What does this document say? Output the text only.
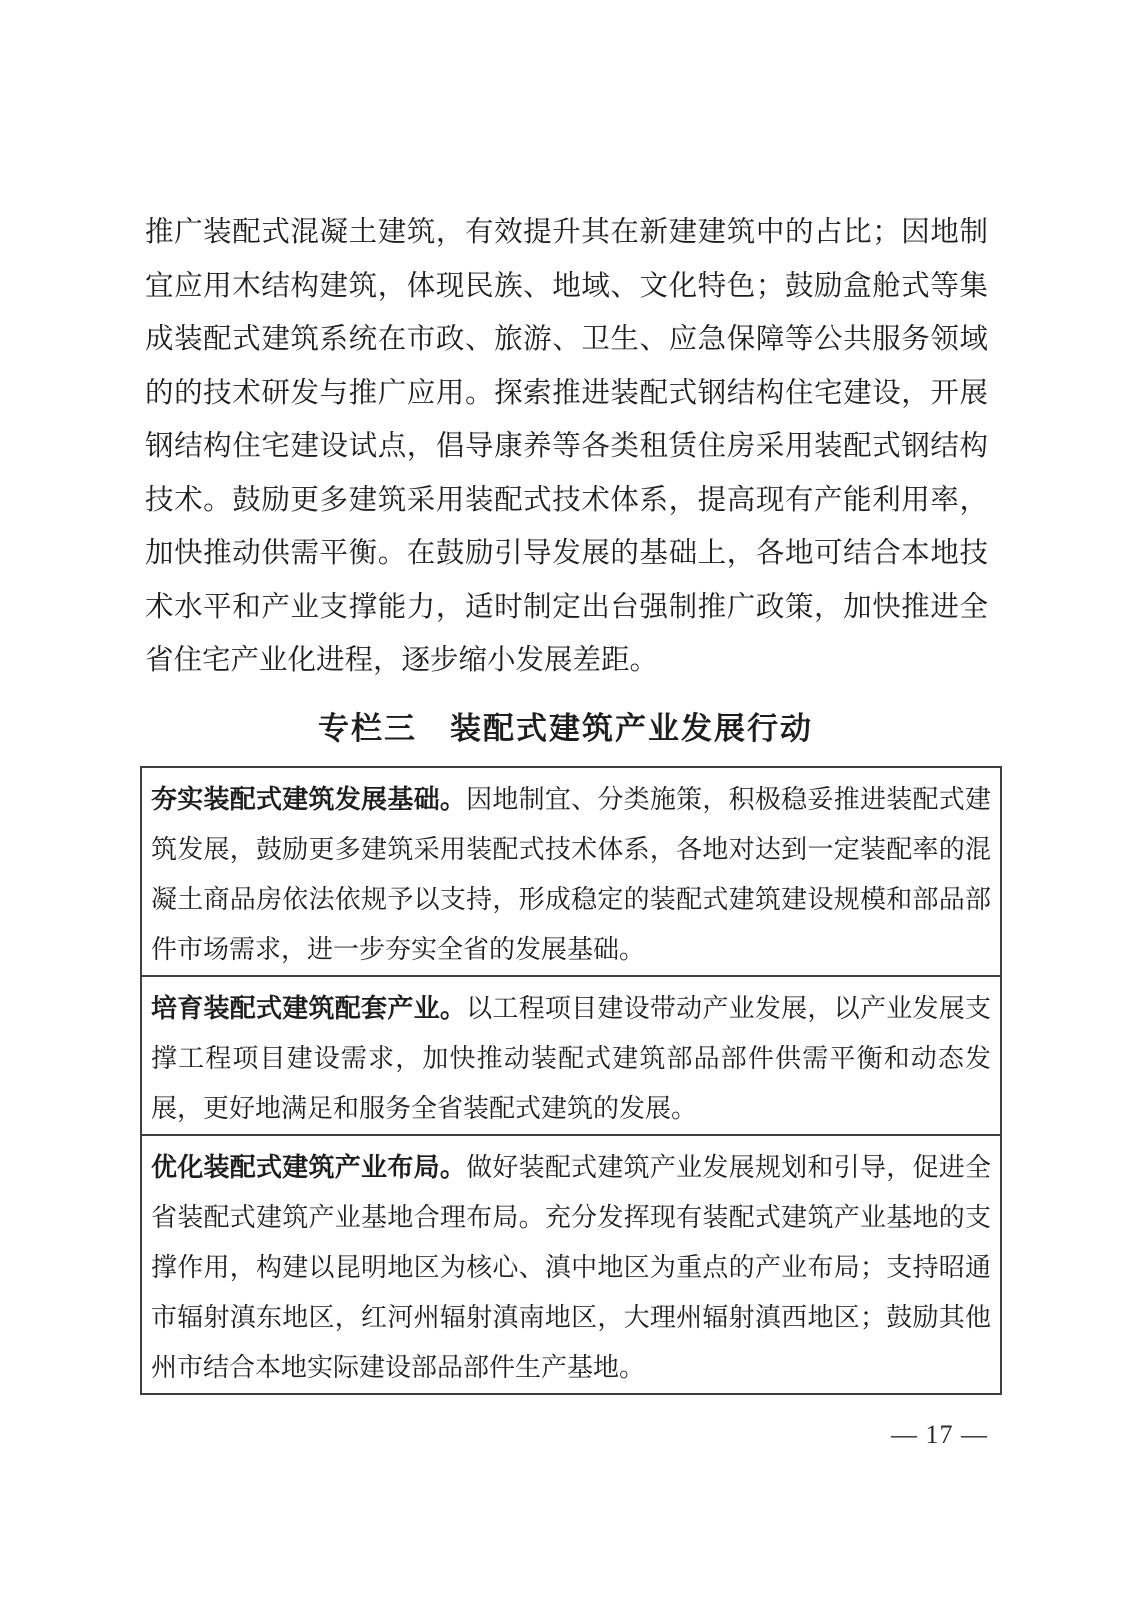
推广装配式混凝土建筑，有效提升其在新建建筑中的占比；因地制
宜应用木结构建筑，体现民族、地域、文化特色；鼓励盒舱式等集
成装配式建筑系统在市政、旅游、卫生、应急保障等公共服务领域
的的技术研发与推广应用。探索推进装配式钢结构住宅建设，开展
钢结构住宅建设试点，倡导康养等各类租赁住房采用装配式钢结构
技术。鼓励更多建筑采用装配式技术体系，提高现有产能利用率，
加快推动供需平衡。在鼓励引导发展的基础上，各地可结合本地技
术水平和产业支撑能力，适时制定出台强制推广政策，加快推进全
省住宅产业化进程，逐步缩小发展差距。
专栏三　装配式建筑产业发展行动
夯实装配式建筑发展基础。因地制宜、分类施策，积极稳妥推进装配式建
筑发展，鼓励更多建筑采用装配式技术体系，各地对达到一定装配率的混
凝土商品房依法依规予以支持，形成稳定的装配式建筑建设规模和部品部
件市场需求，进一步夯实全省的发展基础。
培育装配式建筑配套产业。以工程项目建设带动产业发展，以产业发展支
撑工程项目建设需求，加快推动装配式建筑部品部件供需平衡和动态发
展，更好地满足和服务全省装配式建筑的发展。
优化装配式建筑产业布局。做好装配式建筑产业发展规划和引导，促进全
省装配式建筑产业基地合理布局。充分发挥现有装配式建筑产业基地的支
撑作用，构建以昆明地区为核心、滇中地区为重点的产业布局；支持昭通
市辐射滇东地区，红河州辐射滇南地区，大理州辐射滇西地区；鼓励其他
州市结合本地实际建设部品部件生产基地。
— 17 —
